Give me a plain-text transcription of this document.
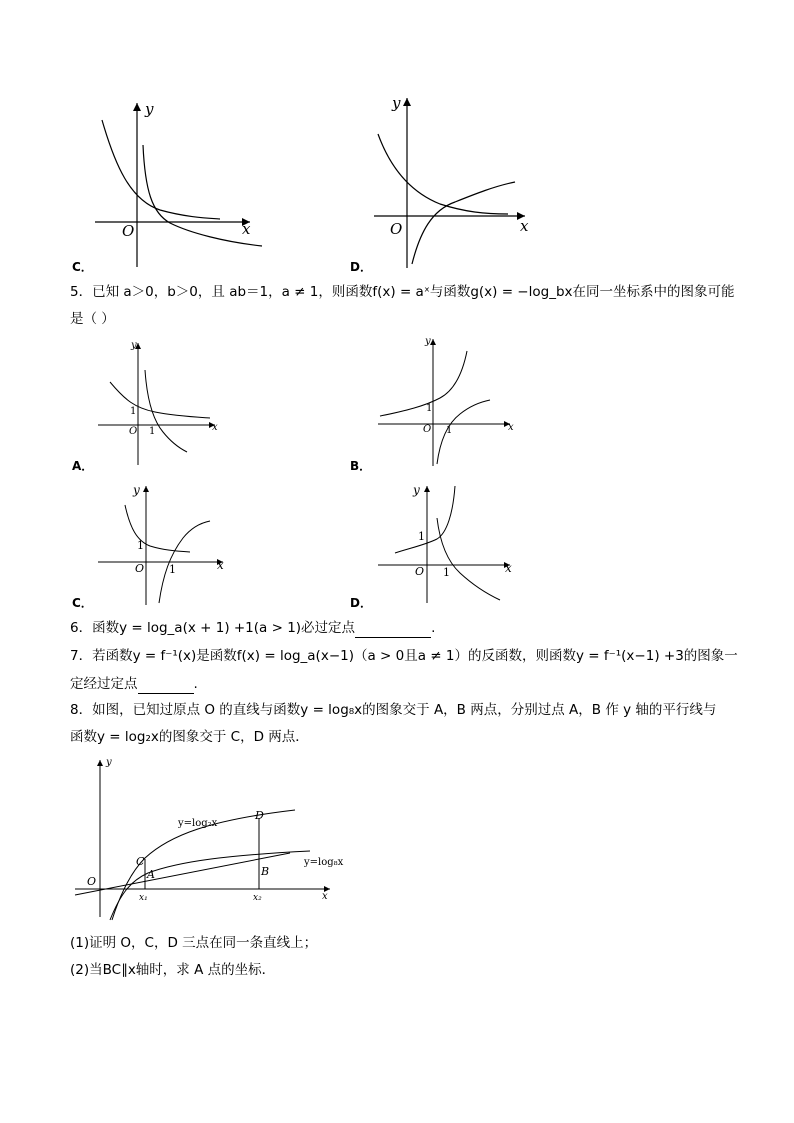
y
x
O
C．
y
x
O
D．
5．已知 a＞0，b＞0，且 ab＝1，a ≠ 1，则函数f(x) = aˣ与函数g(x) = −log_bx在同一坐标系中的图象可能
是（ ）
y
x
O
1
1
A．
y
x
O
1
1
B．
y
x
O
1
1
C．
y
x
O
1
1
D．
6．函数y = log_a(x + 1) +1(a > 1)必过定点	.
7．若函数y = f⁻¹(x)是函数f(x) = log_a(x−1)（a > 0且a ≠ 1）的反函数，则函数y = f⁻¹(x−1) +3的图象一
定经过定点	.
8．如图，已知过原点 O 的直线与函数y = log₈x的图象交于 A，B 两点，分别过点 A，B 作 y 轴的平行线与
函数y = log₂x的图象交于 C，D 两点．
y
x
O
y=log₂x
y=log₈x
C
D
A	B
x₁	x₂
(1)证明 O，C，D 三点在同一条直线上；
(2)当BC∥x轴时，求 A 点的坐标．
